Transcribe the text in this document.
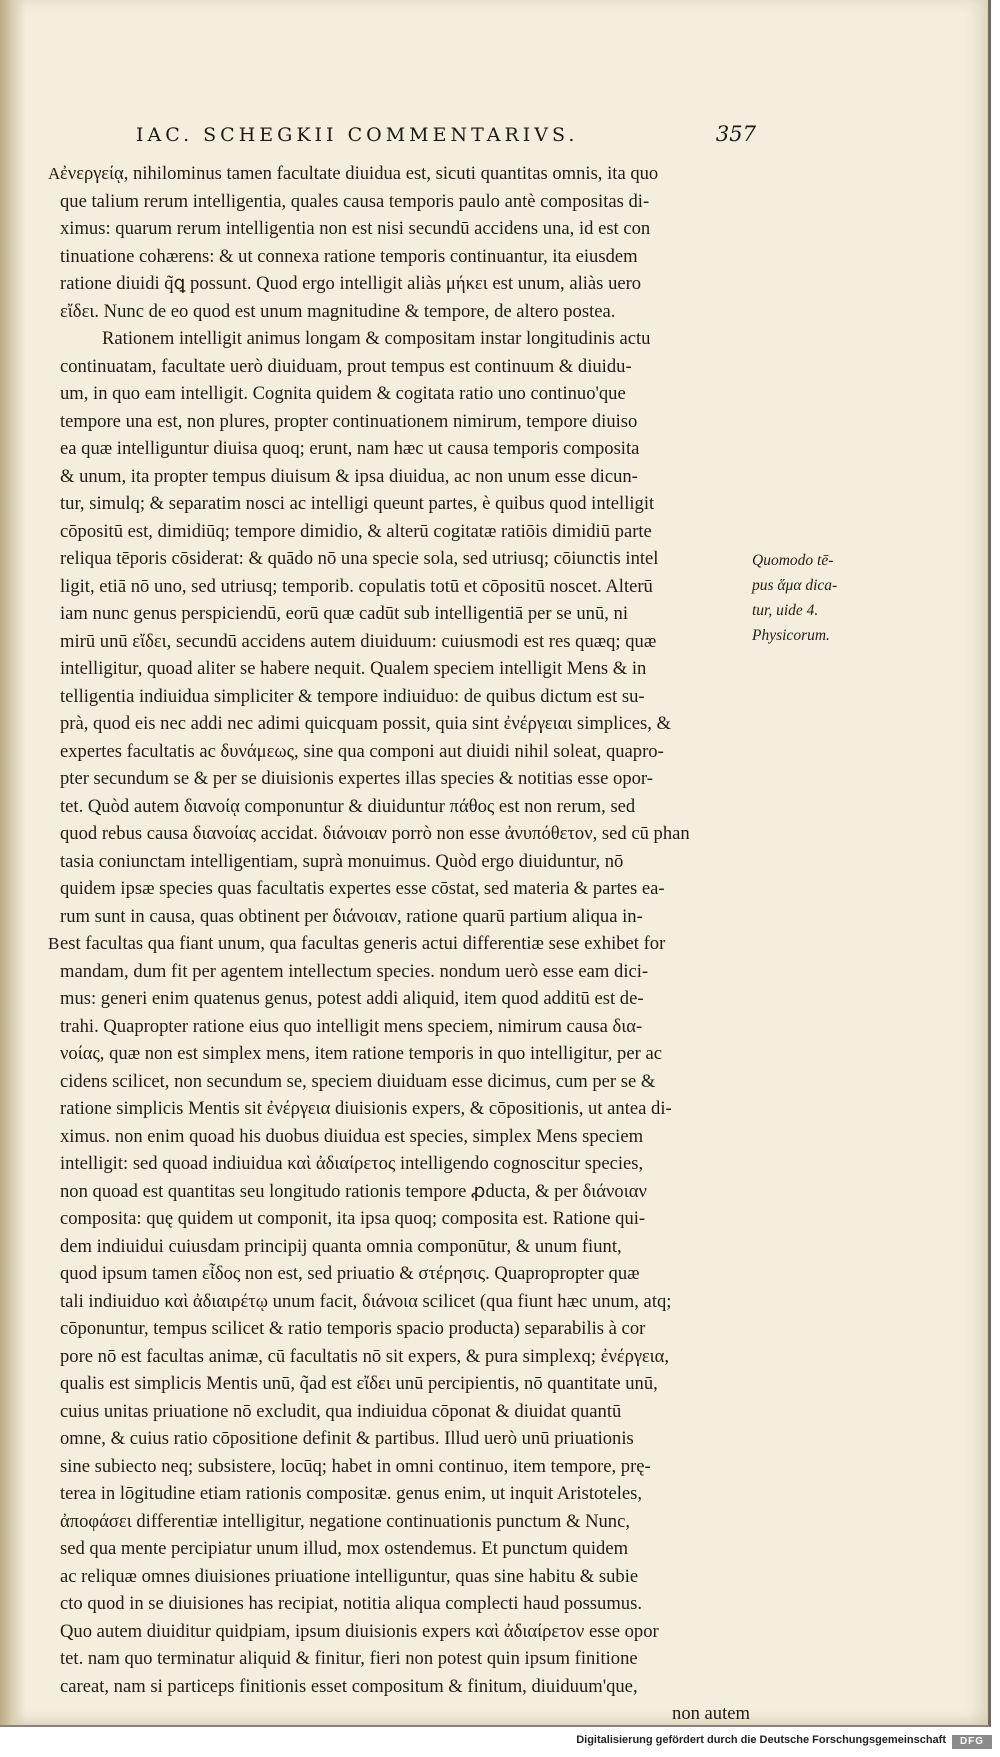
IAC. SCHEGKII COMMENTARIVS.	357
ἐνεργείᾳ, nihilominus tamen facultate diuidua est, sicuti quantitas omnis, ita quo
A
que talium rerum intelligentia, quales causa temporis paulo antè compositas di-
ximus: quarum rerum intelligentia non est nisi secundū accidens una, id est con
tinuatione cohærens: & ut connexa ratione temporis continuantur, ita eiusdem
ratione diuidi q̃ꝗ possunt. Quod ergo intelligit aliàs μήκει est unum, aliàs uero
εἴδει. Nunc de eo quod est unum magnitudine & tempore, de altero postea.
Rationem intelligit animus longam & compositam instar longitudinis actu
continuatam, facultate uerò diuiduam, prout tempus est continuum & diuidu-
um, in quo eam intelligit. Cognita quidem & cogitata ratio uno continuo'que
tempore una est, non plures, propter continuationem nimirum, tempore diuiso
ea quæ intelliguntur diuisa quoq; erunt, nam hæc ut causa temporis composita
& unum, ita propter tempus diuisum & ipsa diuidua, ac non unum esse dicun-
tur, simulq; & separatim nosci ac intelligi queunt partes, è quibus quod intelligit
cōpositū est, dimidiūq; tempore dimidio, & alterū cogitatæ ratiōis dimidiū parte
reliqua tēporis cōsiderat: & quādo nō una specie sola, sed utriusq; cōiunctis intel
ligit, etiā nō uno, sed utriusq; temporib. copulatis totū et cōpositū noscet. Alterū
iam nunc genus perspiciendū, eorū quæ cadūt sub intelligentiā per se unū, ni
mirū unū εἴδει, secundū accidens autem diuiduum: cuiusmodi est res quæq; quæ
intelligitur, quoad aliter se habere nequit. Qualem speciem intelligit Mens & in
telligentia indiuidua simpliciter & tempore indiuiduo: de quibus dictum est su-
prà, quod eis nec addi nec adimi quicquam possit, quia sint ἐνέργειαι simplices, &
expertes facultatis ac δυνάμεως, sine qua componi aut diuidi nihil soleat, quapro-
pter secundum se & per se diuisionis expertes illas species & notitias esse opor-
tet. Quòd autem διανοίᾳ componuntur & diuiduntur πάθος est non rerum, sed
quod rebus causa διανοίας accidat. διάνοιαν porrò non esse ἀνυπόθετον, sed cū phan
tasia coniunctam intelligentiam, suprà monuimus. Quòd ergo diuiduntur, nō
quidem ipsæ species quas facultatis expertes esse cōstat, sed materia & partes ea-
rum sunt in causa, quas obtinent per διάνοιαν, ratione quarū partium aliqua in-
est facultas qua fiant unum, qua facultas generis actui differentiæ sese exhibet for
B
mandam, dum fit per agentem intellectum species. nondum uerò esse eam dici-
mus: generi enim quatenus genus, potest addi aliquid, item quod additū est de-
trahi. Quapropter ratione eius quo intelligit mens speciem, nimirum causa δια-
νοίας, quæ non est simplex mens, item ratione temporis in quo intelligitur, per ac
cidens scilicet, non secundum se, speciem diuiduam esse dicimus, cum per se &
ratione simplicis Mentis sit ἐνέργεια diuisionis expers, & cōpositionis, ut antea di-
ximus. non enim quoad his duobus diuidua est species, simplex Mens speciem
intelligit: sed quoad indiuidua καὶ ἀδιαίρετος intelligendo cognoscitur species,
non quoad est quantitas seu longitudo rationis tempore ꝓducta, & per διάνοιαν
composita: quę quidem ut componit, ita ipsa quoq; composita est. Ratione qui-
dem indiuidui cuiusdam principij quanta omnia componūtur, & unum fiunt,
quod ipsum tamen εἶδος non est, sed priuatio & στέρησις. Quapropropter quæ
tali indiuiduo καὶ ἀδιαιρέτῳ unum facit, διάνοια scilicet (qua fiunt hæc unum, atq;
cōponuntur, tempus scilicet & ratio temporis spacio producta) separabilis à cor
pore nō est facultas animæ, cū facultatis nō sit expers, & pura simplexq; ἐνέργεια,
qualis est simplicis Mentis unū, q̃ad est εἴδει unū percipientis, nō quantitate unū,
cuius unitas priuatione nō excludit, qua indiuidua cōponat & diuidat quantū
omne, & cuius ratio cōpositione definit & partibus. Illud uerò unū priuationis
sine subiecto neq; subsistere, locūq; habet in omni continuo, item tempore, prę-
terea in lōgitudine etiam rationis compositæ. genus enim, ut inquit Aristoteles,
ἀποφάσει differentiæ intelligitur, negatione continuationis punctum & Nunc,
sed qua mente percipiatur unum illud, mox ostendemus. Et punctum quidem
ac reliquæ omnes diuisiones priuatione intelliguntur, quas sine habitu & subie
cto quod in se diuisiones has recipiat, notitia aliqua complecti haud possumus.
Quo autem diuiditur quidpiam, ipsum diuisionis expers καὶ ἀδιαίρετον esse opor
tet. nam quo terminatur aliquid & finitur, fieri non potest quin ipsum finitione
careat, nam si particeps finitionis esset compositum & finitum, diuiduum'que,
non autem
Quomodo tē-
pus ἅμα dica-
tur, uide 4.
Physicorum.
Digitalisierung gefördert durch die Deutsche Forschungsgemeinschaft	DFG
